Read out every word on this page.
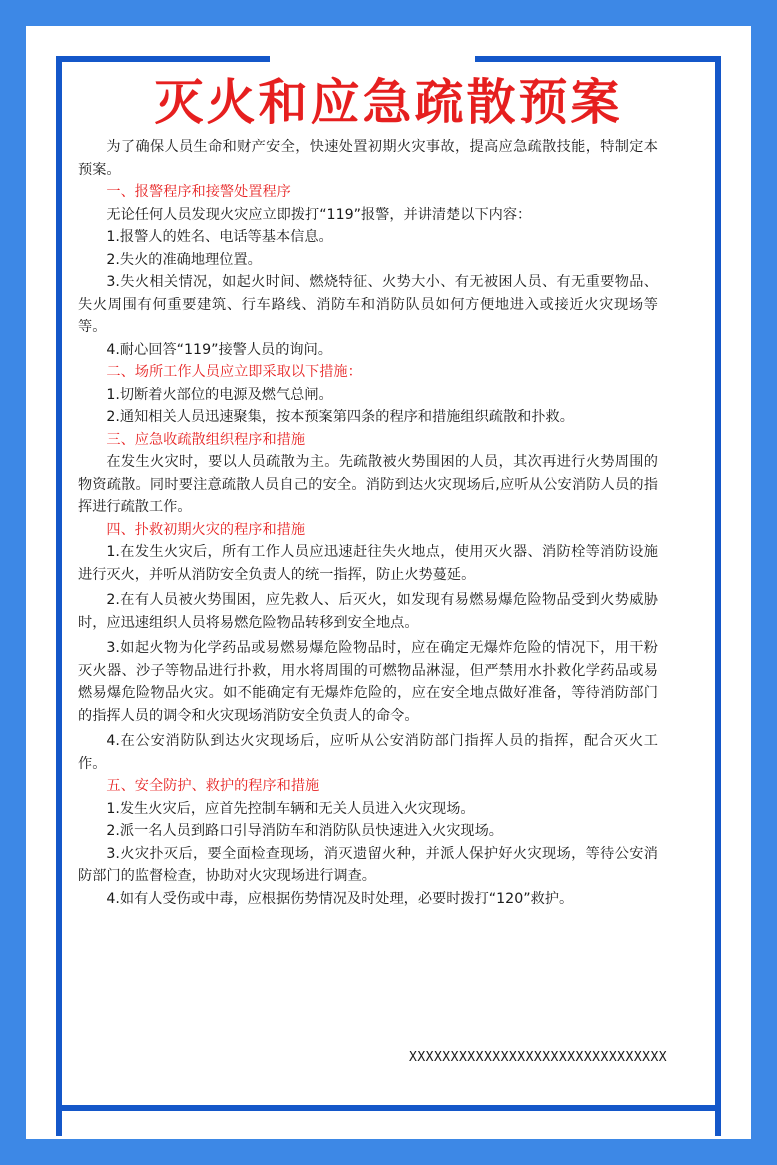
灭火和应急疏散预案

为了确保人员生命和财产安全，快速处置初期火灾事故，提高应急疏散技能，特制定本预案。

一、报警程序和接警处置程序

无论任何人员发现火灾应立即拨打“119”报警，并讲清楚以下内容：

1.报警人的姓名、电话等基本信息。

2.失火的准确地理位置。

3.失火相关情况，如起火时间、燃烧特征、火势大小、有无被困人员、有无重要物品、失火周围有何重要建筑、行车路线、消防车和消防队员如何方便地进入或接近火灾现场等等。

4.耐心回答“119”接警人员的询问。

二、场所工作人员应立即采取以下措施：

1.切断着火部位的电源及燃气总闸。

2.通知相关人员迅速聚集，按本预案第四条的程序和措施组织疏散和扑救。

三、应急收疏散组织程序和措施

在发生火灾时，要以人员疏散为主。先疏散被火势围困的人员，其次再进行火势周围的物资疏散。同时要注意疏散人员自己的安全。消防到达火灾现场后,应听从公安消防人员的指挥进行疏散工作。

四、扑救初期火灾的程序和措施

1.在发生火灾后，所有工作人员应迅速赶往失火地点，使用灭火器、消防栓等消防设施进行灭火，并听从消防安全负责人的统一指挥，防止火势蔓延。

2.在有人员被火势围困，应先救人、后灭火，如发现有易燃易爆危险物品受到火势威胁时，应迅速组织人员将易燃危险物品转移到安全地点。

3.如起火物为化学药品或易燃易爆危险物品时，应在确定无爆炸危险的情况下，用干粉灭火器、沙子等物品进行扑救，用水将周围的可燃物品淋湿，但严禁用水扑救化学药品或易燃易爆危险物品火灾。如不能确定有无爆炸危险的，应在安全地点做好准备，等待消防部门的指挥人员的调令和火灾现场消防安全负责人的命令。

4.在公安消防队到达火灾现场后，应听从公安消防部门指挥人员的指挥，配合灭火工作。

五、安全防护、救护的程序和措施

1.发生火灾后，应首先控制车辆和无关人员进入火灾现场。

2.派一名人员到路口引导消防车和消防队员快速进入火灾现场。

3.火灾扑灭后，要全面检查现场，消灭遗留火种，并派人保护好火灾现场，等待公安消防部门的监督检查，协助对火灾现场进行调查。

4.如有人受伤或中毒，应根据伤势情况及时处理，必要时拨打“120”救护。

XXXXXXXXXXXXXXXXXXXXXXXXXXXXXXX
